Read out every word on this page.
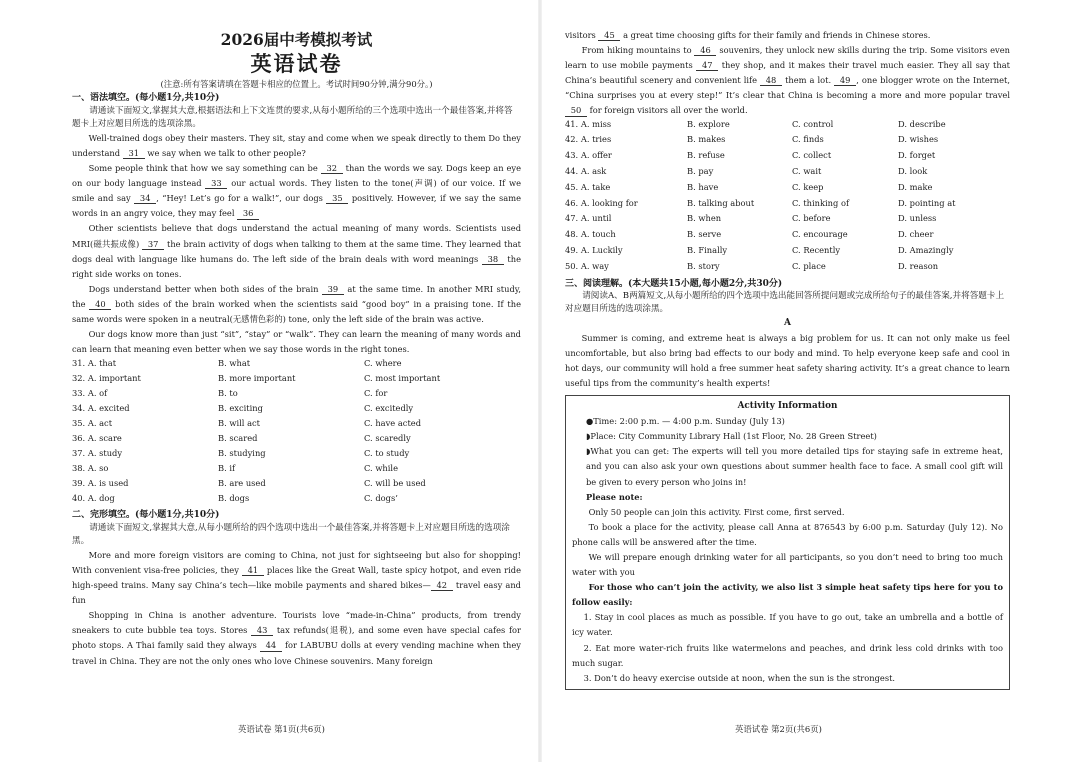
2026届中考模拟考试
英语试卷
(注意:所有答案请填在答题卡相应的位置上。考试时间90分钟,满分90分。)
一、语法填空。(每小题1分,共10分)
请通读下面短文,掌握其大意,根据语法和上下文连贯的要求,从每小题所给的三个选项中选出一个最佳答案,并将答题卡上对应题目所选的选项涂黑。

Well-trained dogs obey their masters. They sit, stay and come when we speak directly to them Do they understand 31 we say when we talk to other people?

Some people think that how we say something can be 32 than the words we say. Dogs keep an eye on our body language instead 33 our actual words. They listen to the tone(声调) of our voice. If we smile and say 34 , “Hey! Let’s go for a walk!”, our dogs 35 positively. However, if we say the same words in an angry voice, they may feel 36

Other scientists believe that dogs understand the actual meaning of many words. Scientists used MRI(磁共振成像) 37 the brain activity of dogs when talking to them at the same time. They learned that dogs deal with language like humans do. The left side of the brain deals with word meanings 38 the right side works on tones.

Dogs understand better when both sides of the brain 39 at the same time. In another MRI study, the 40 both sides of the brain worked when the scientists said “good boy” in a praising tone. If the same words were spoken in a neutral(无感情色彩的) tone, only the left side of the brain was active.

Our dogs know more than just “sit”, “stay” or “walk”. They can learn the meaning of many words and can learn that meaning even better when we say those words in the right tones.

31. A. that	B. what	C. where
32. A. important	B. more important	C. most important
33. A. of	B. to	C. for
34. A. excited	B. exciting	C. excitedly
35. A. act	B. will act	C. have acted
36. A. scare	B. scared	C. scaredly
37. A. study	B. studying	C. to study
38. A. so	B. if	C. while
39. A. is used	B. are used	C. will be used
40. A. dog	B. dogs	C. dogs’
二、完形填空。(每小题1分,共10分)
请通读下面短文,掌握其大意,从每小题所给的四个选项中选出一个最佳答案,并将答题卡上对应题目所选的选项涂黑。

More and more foreign visitors are coming to China, not just for sightseeing but also for shopping! With convenient visa-free policies, they 41 places like the Great Wall, taste spicy hotpot, and even ride high-speed trains. Many say China’s tech—like mobile payments and shared bikes— 42 travel easy and fun

Shopping in China is another adventure. Tourists love “made-in-China” products, from trendy sneakers to cute bubble tea toys. Stores 43 tax refunds(退税), and some even have special cafes for photo stops. A Thai family said they always 44 for LABUBU dolls at every vending machine when they travel in China. They are not the only ones who love Chinese souvenirs. Many foreign

英语试卷 第1页(共6页)

visitors 45 a great time choosing gifts for their family and friends in Chinese stores.

From hiking mountains to 46 souvenirs, they unlock new skills during the trip. Some visitors even learn to use mobile payments 47 they shop, and it makes their travel much easier. They all say that China’s beautiful scenery and convenient life 48 them a lot. 49 , one blogger wrote on the Internet, “China surprises you at every step!” It’s clear that China is becoming a more and more popular travel 50 for foreign visitors all over the world.

41. A. miss	B. explore	C. control	D. describe
42. A. tries	B. makes	C. finds	D. wishes
43. A. offer	B. refuse	C. collect	D. forget
44. A. ask	B. pay	C. wait	D. look
45. A. take	B. have	C. keep	D. make
46. A. looking for	B. talking about	C. thinking of	D. pointing at
47. A. until	B. when	C. before	D. unless
48. A. touch	B. serve	C. encourage	D. cheer
49. A. Luckily	B. Finally	C. Recently	D. Amazingly
50. A. way	B. story	C. place	D. reason
三、阅读理解。(本大题共15小题,每小题2分,共30分)
请阅读A、B两篇短文,从每小题所给的四个选项中选出能回答所提问题或完成所给句子的最佳答案,并将答题卡上对应题目所选的选项涂黑。
A

Summer is coming, and extreme heat is always a big problem for us. It can not only make us feel uncomfortable, but also bring bad effects to our body and mind. To help everyone keep safe and cool in hot days, our community will hold a free summer heat safety sharing activity. It’s a great chance to learn useful tips from the community’s health experts!

Activity Information

●Time: 2:00 p.m. — 4:00 p.m. Sunday (July 13)

◗Place: City Community Library Hall (1st Floor, No. 28 Green Street)

◗What you can get: The experts will tell you more detailed tips for staying safe in extreme heat, and you can also ask your own questions about summer health face to face. A small cool gift will be given to every person who joins in!

Please note:

Only 50 people can join this activity. First come, first served.

To book a place for the activity, please call Anna at 876543 by 6:00 p.m. Saturday (July 12). No phone calls will be answered after the time.

We will prepare enough drinking water for all participants, so you don’t need to bring too much water with you

For those who can’t join the activity, we also list 3 simple heat safety tips here for you to follow easily:

1. Stay in cool places as much as possible. If you have to go out, take an umbrella and a bottle of icy water.

2. Eat more water-rich fruits like watermelons and peaches, and drink less cold drinks with too much sugar.

3. Don’t do heavy exercise outside at noon, when the sun is the strongest.

英语试卷 第2页(共6页)
